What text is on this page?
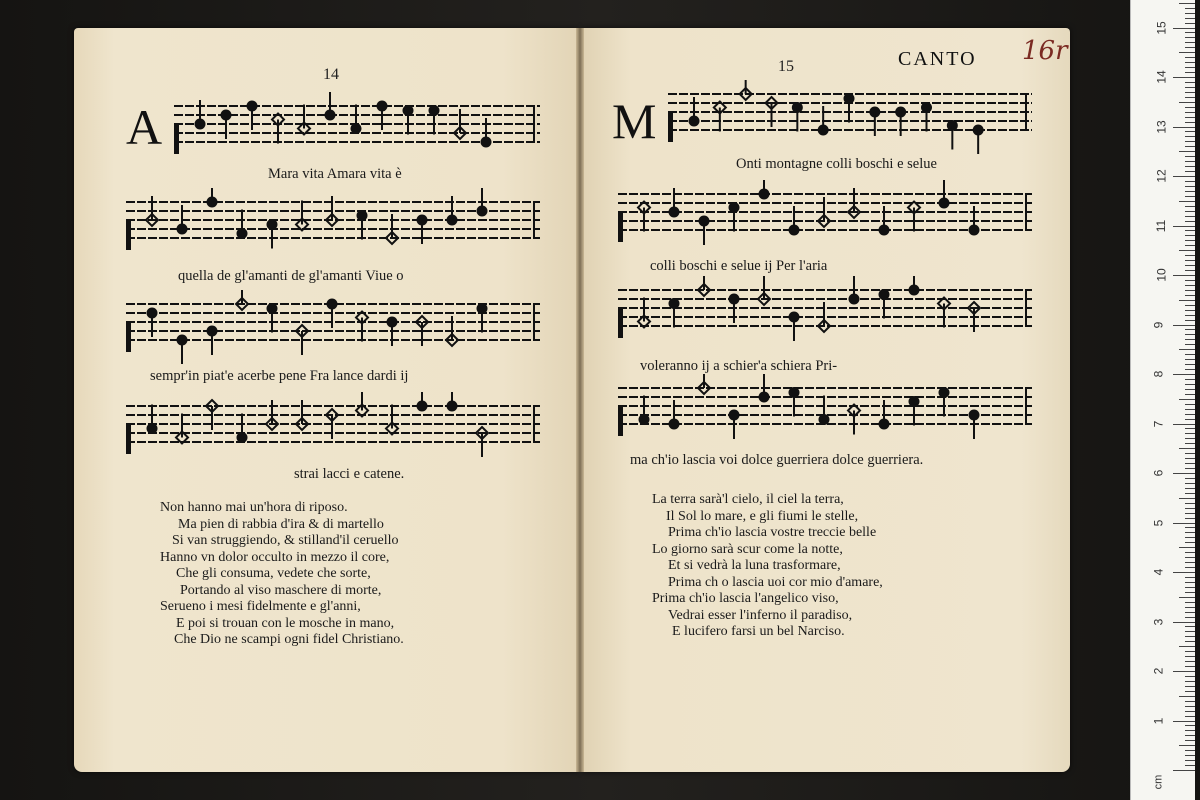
14
A
Mara vita Amara vita è
quella de gl'amanti de gl'amanti Viue o
sempr'in piat'e acerbe pene Fra lance dardi ij
strai lacci e catene.
Non hanno mai un'hora di riposo.
Ma pien di rabbia d'ira & di martello
Si van struggiendo, & stilland'il ceruello
Hanno vn dolor occulto in mezzo il core,
Che gli consuma, vedete che sorte,
Portando al viso maschere di morte,
Serueno i mesi fidelmente e gl'anni,
E poi si trouan con le mosche in mano,
Che Dio ne scampi ogni fidel Christiano.
15	CANTO 16r
M
Onti montagne colli boschi e selue
colli boschi e selue ij Per l'aria
voleranno ij a schier'a schiera Pri-
ma ch'io lascia voi dolce guerriera dolce guerriera.
La terra sarà'l cielo, il ciel la terra,
Il Sol lo mare, e gli fiumi le stelle,
Prima ch'io lascia vostre treccie belle
Lo giorno sarà scur come la notte,
Et si vedrà la luna trasformare,
Prima ch o lascia uoi cor mio d'amare,
Prima ch'io lascia l'angelico viso,
Vedrai esser l'inferno il paradiso,
E lucifero farsi un bel Narciso.
cm
1
2
3
4
5
6
7
8
9
10
11
12
13
14
15
